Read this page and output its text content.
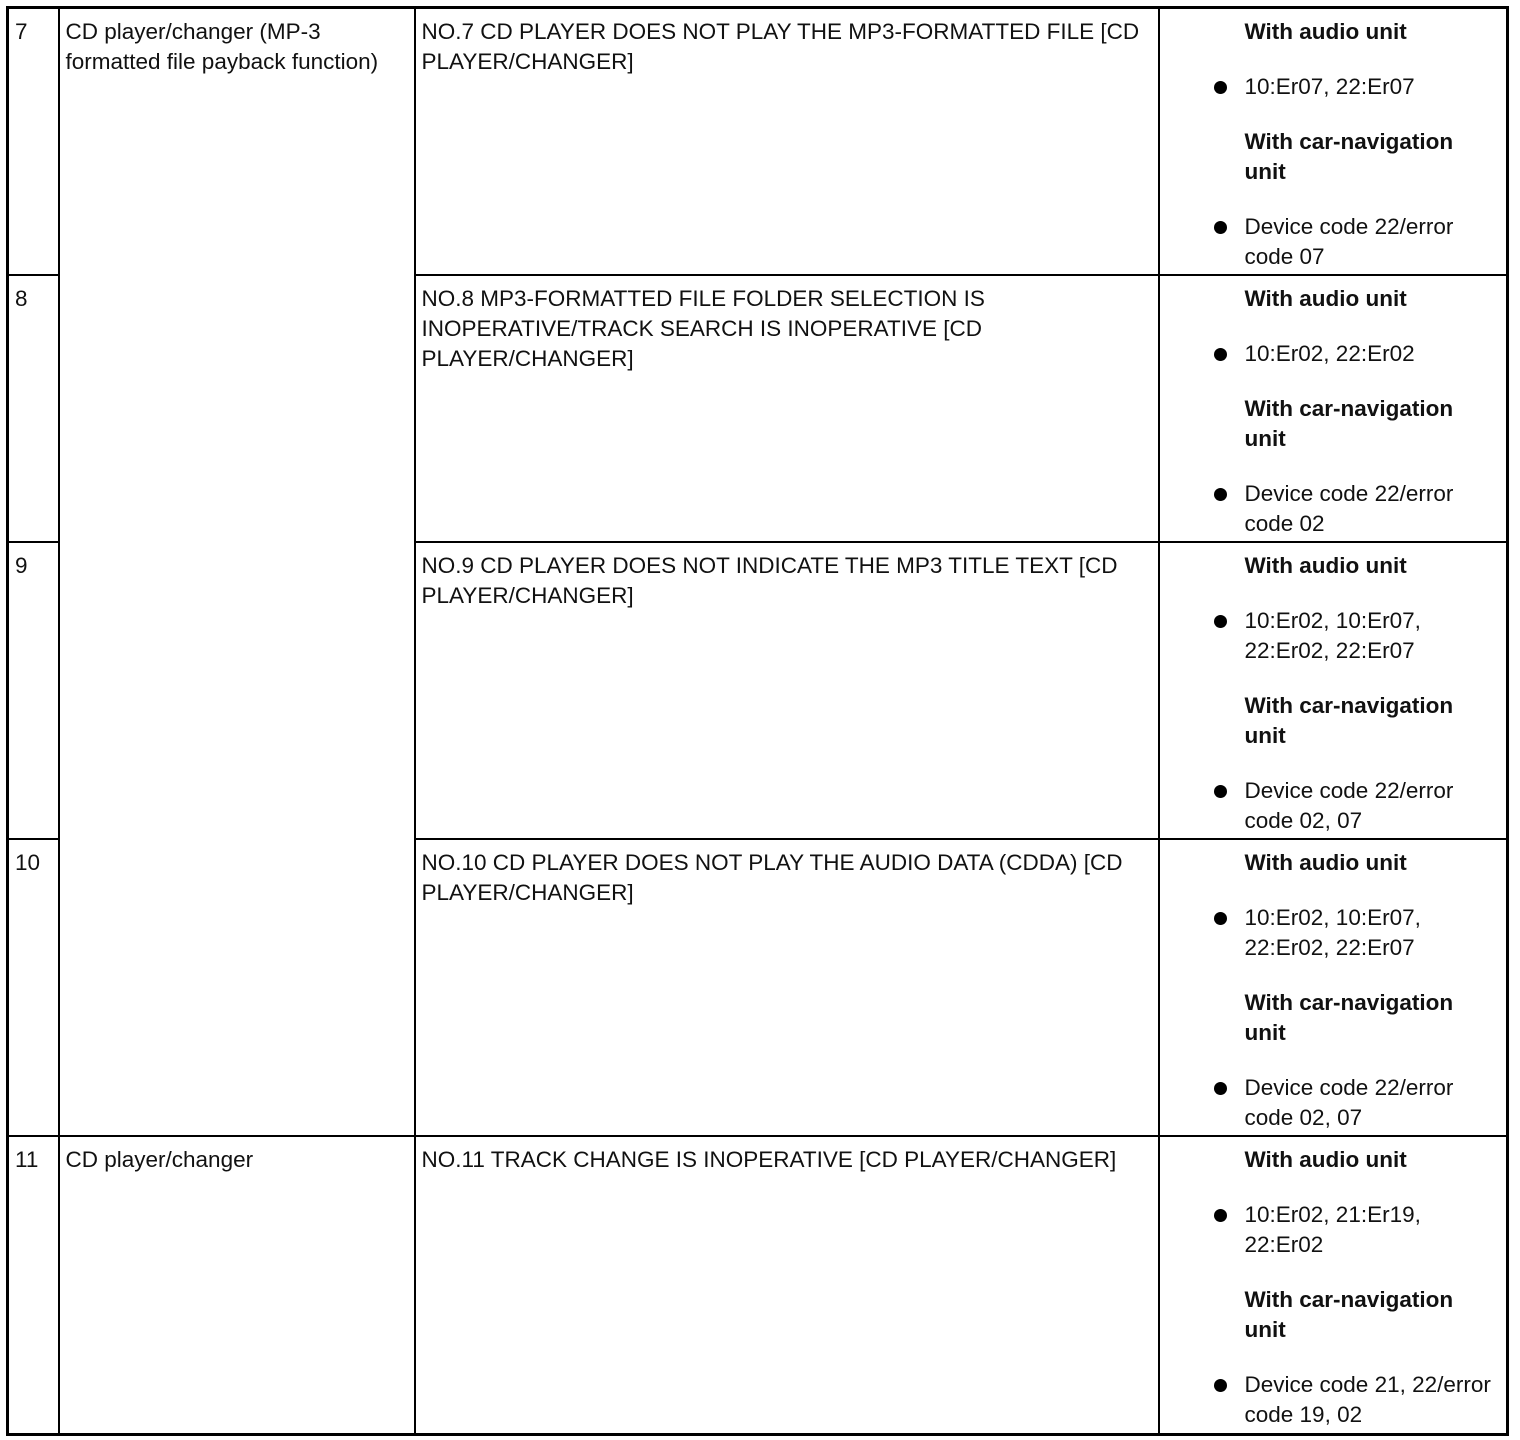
7	CD player/changer (MP-3 formatted file payback function)	NO.7 CD PLAYER DOES NOT PLAY THE MP3-FORMATTED FILE [CD PLAYER/CHANGER]	With audio unit
10:Er07, 22:Er07
With car-navigation unit
Device code 22/error code 07

8		NO.8 MP3-FORMATTED FILE FOLDER SELECTION IS INOPERATIVE/TRACK SEARCH IS INOPERATIVE [CD PLAYER/CHANGER]	With audio unit
10:Er02, 22:Er02
With car-navigation unit
Device code 22/error code 02

9		NO.9 CD PLAYER DOES NOT INDICATE THE MP3 TITLE TEXT [CD PLAYER/CHANGER]	With audio unit
10:Er02, 10:Er07, 22:Er02, 22:Er07
With car-navigation unit
Device code 22/error code 02, 07

10		NO.10 CD PLAYER DOES NOT PLAY THE AUDIO DATA (CDDA) [CD PLAYER/CHANGER]	With audio unit
10:Er02, 10:Er07, 22:Er02, 22:Er07
With car-navigation unit
Device code 22/error code 02, 07

11	CD player/changer	NO.11 TRACK CHANGE IS INOPERATIVE [CD PLAYER/CHANGER]	With audio unit
10:Er02, 21:Er19, 22:Er02
With car-navigation unit
Device code 21, 22/error code 19, 02
